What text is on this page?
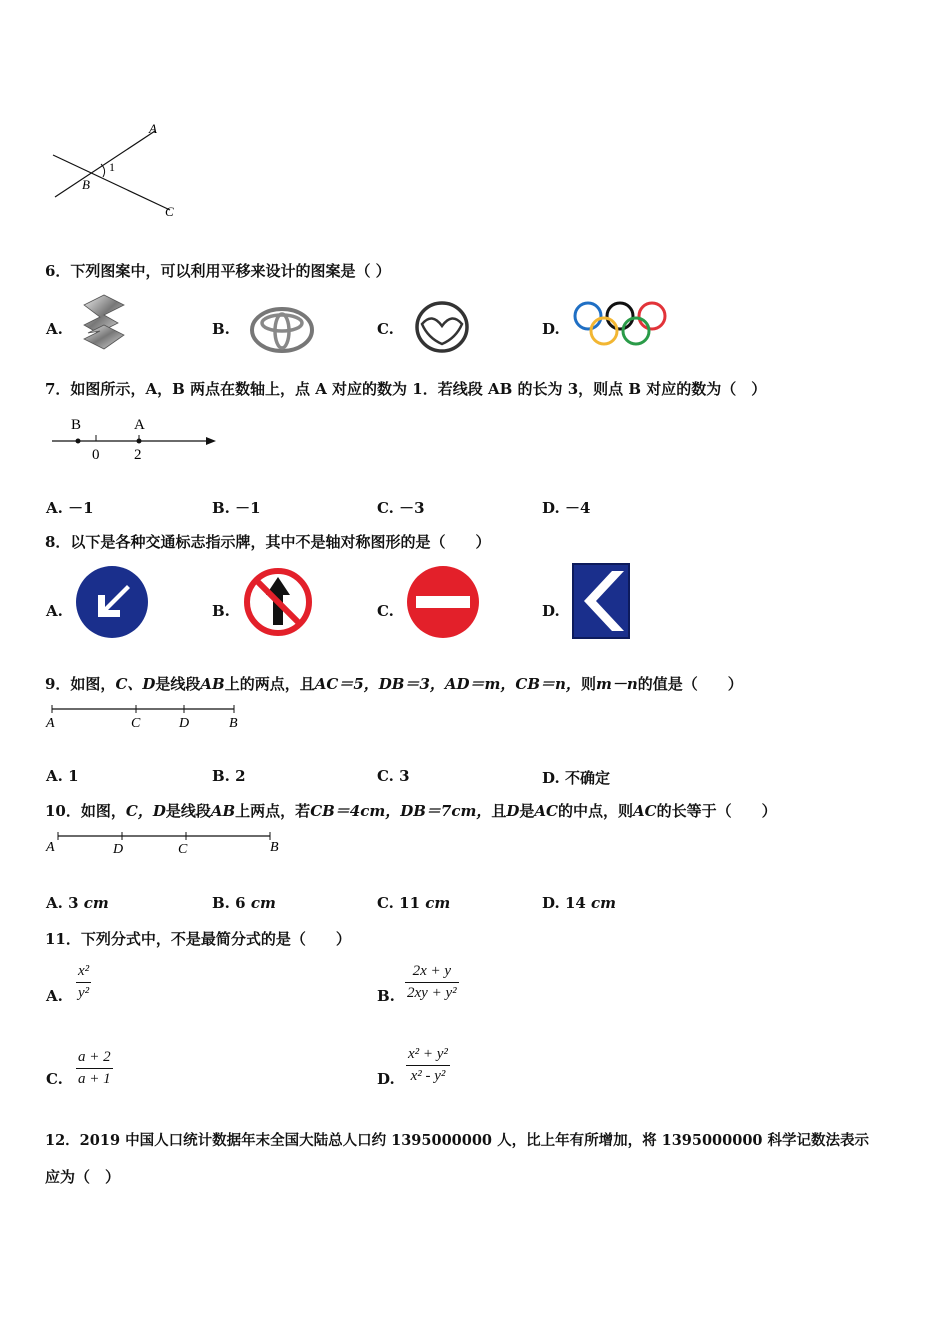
A
1
B
C
6．下列图案中，可以利用平移来设计的图案是（ ）
A.	B.	C.	D.
7．如图所示，A，B 两点在数轴上，点 A 对应的数为 1．若线段 AB 的长为 3，则点 B 对应的数为（　）
B	A
0 2
A. －1	B. －1	C. －3	D. －4
8．以下是各种交通标志指示牌，其中不是轴对称图形的是（　　）
A.	B.	C.	D.
9．如图，C、D是线段AB上的两点，且AC＝5，DB＝3，AD＝m，CB＝n，则m－n的值是（　　）
A	C	D	B
A. 1	B. 2	C. 3	D. 不确定
10．如图，C，D是线段AB上两点，若CB＝4cm，DB＝7cm，且D是AC的中点，则AC的长等于（　　）
A	D	C	B
A. 3 cm	B. 6 cm	C. 11 cm	D. 14 cm
11．下列分式中，不是最简分式的是（　　）
A.
x²
y²	B.
2x + y
2xy + y²
C.
a + 2
a + 1	D.
x² + y²
x² - y²
12．2019 中国人口统计数据年末全国大陆总人口约 1395000000 人，比上年有所增加，将 1395000000 科学记数法表示
应为（　）
